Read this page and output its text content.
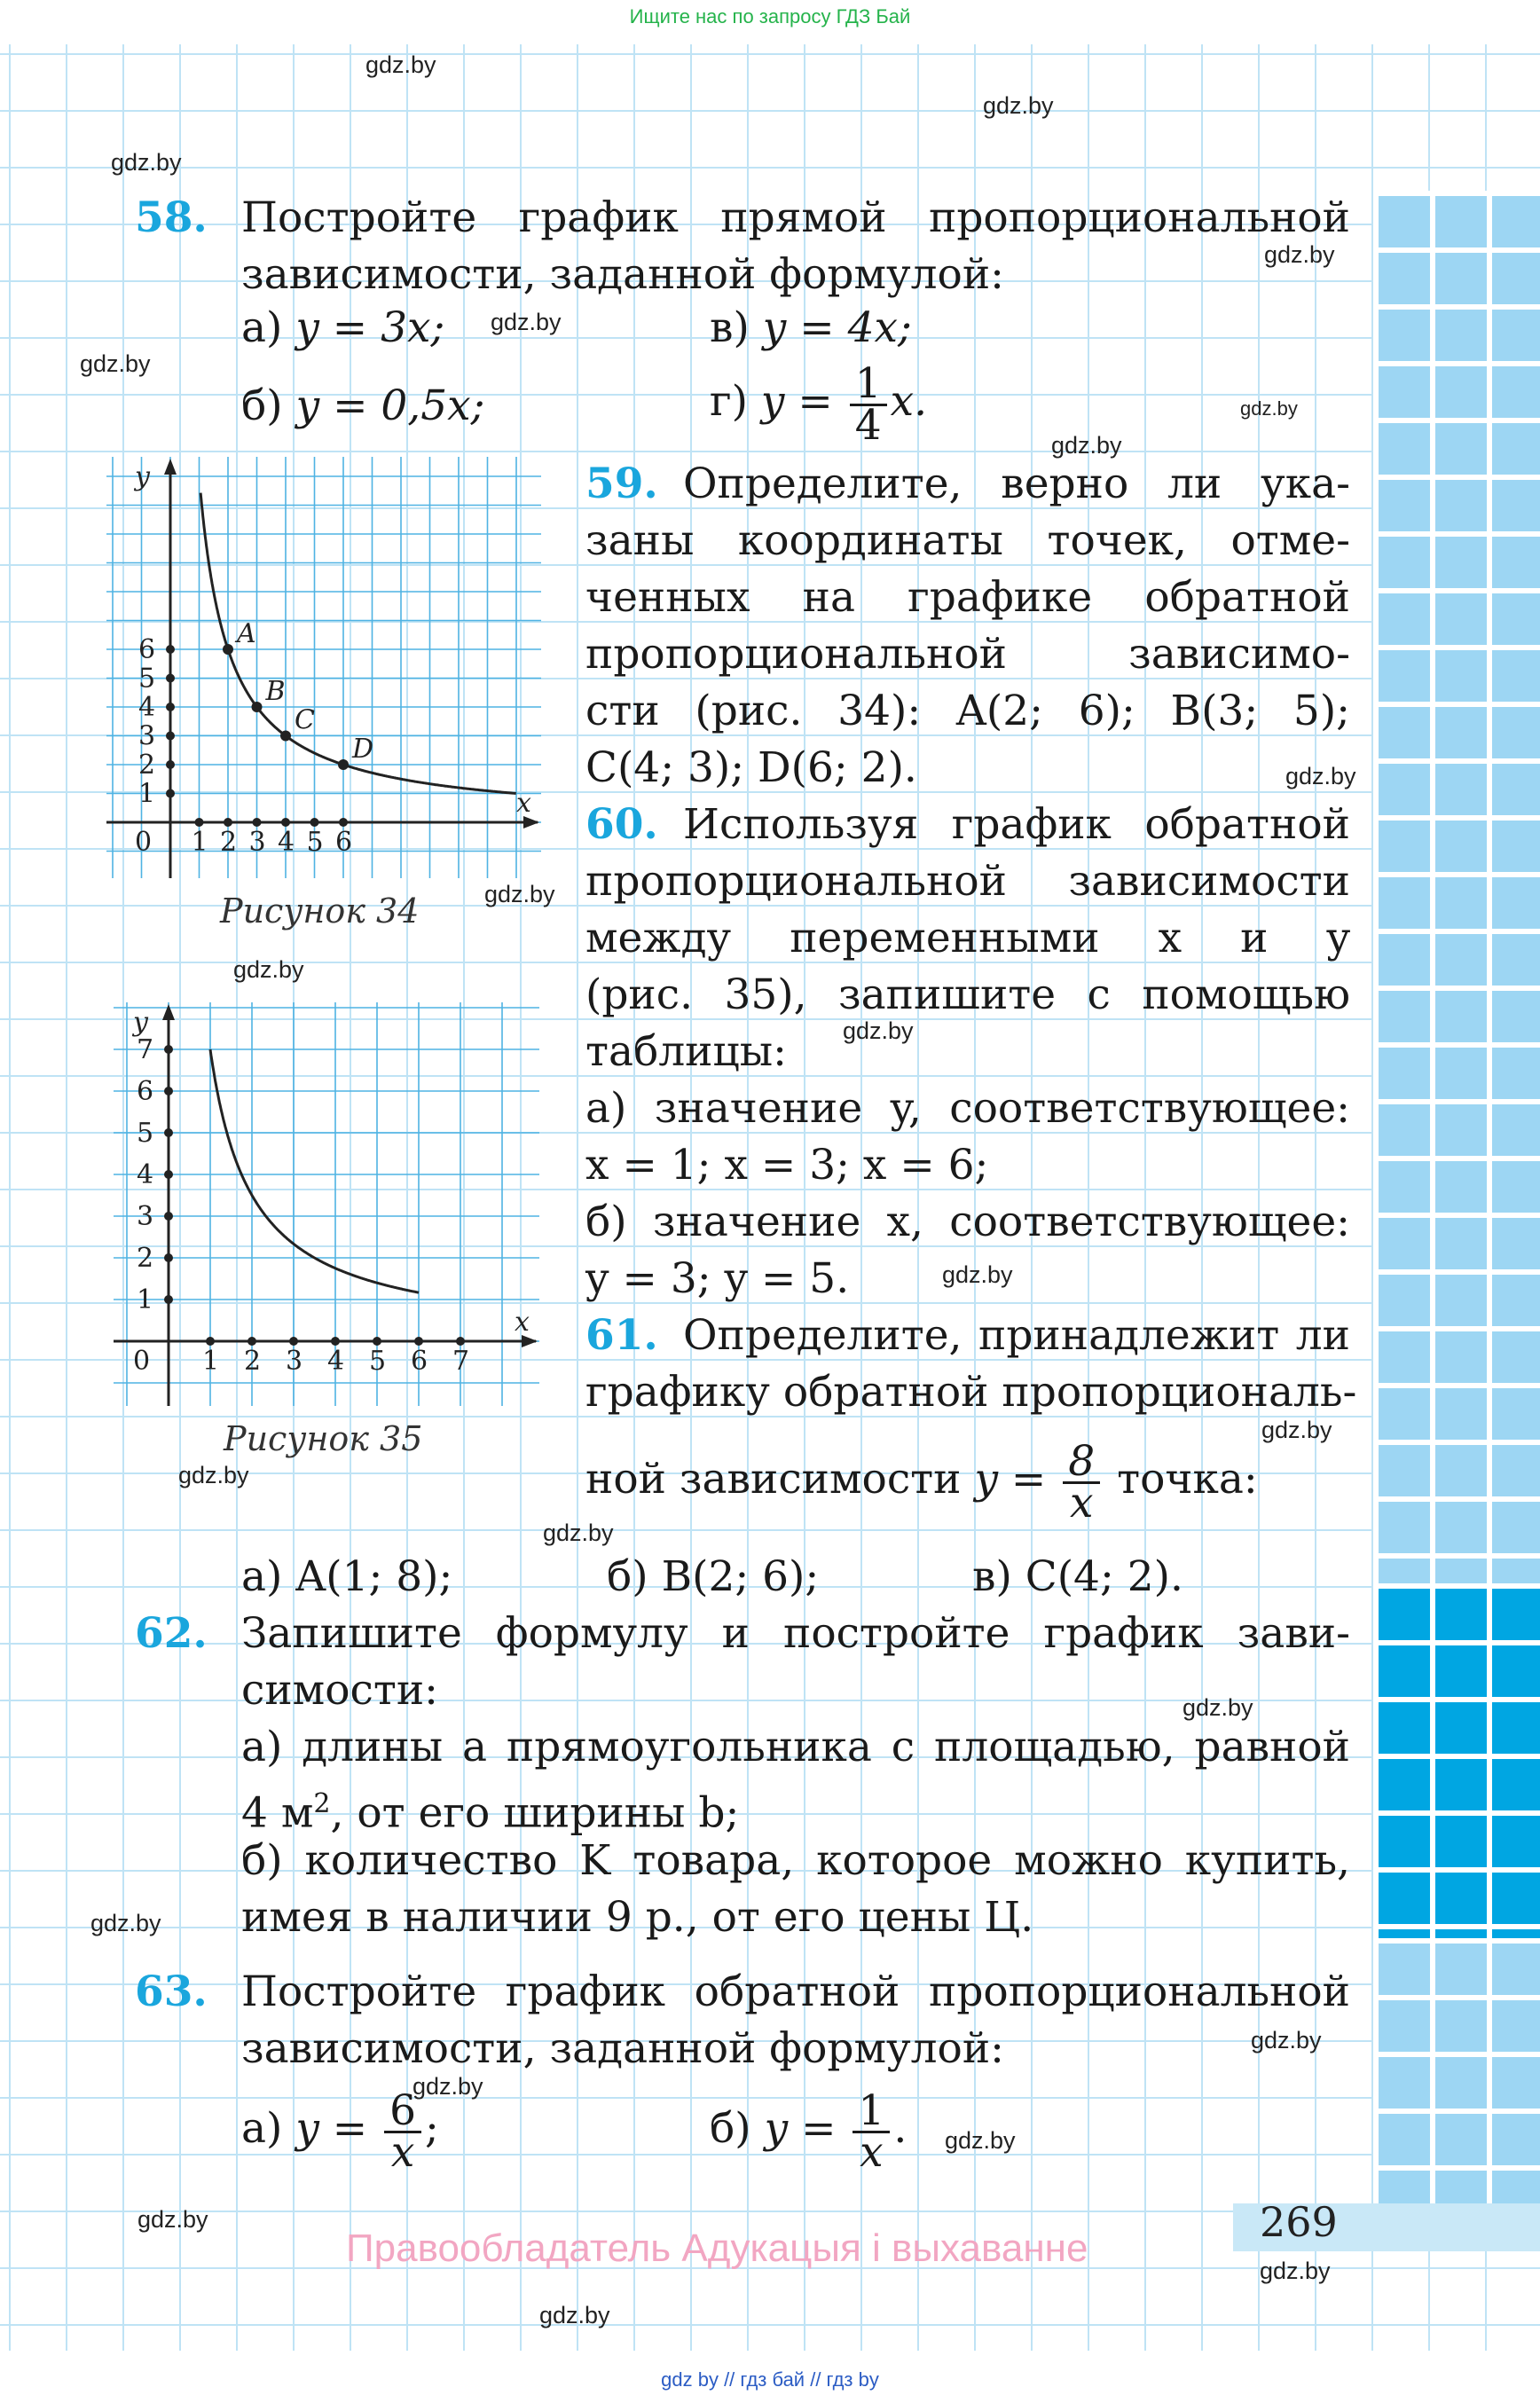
Ищите нас по запросу ГДЗ Бай
58. Постройте график прямой пропорциональной
зависимости, заданной формулой:
а) y = 3x;	в) y = 4x;
б) y = 0,5x;	г) $y = \frac{1}{4} x$.
59. Определите, верно ли ука-
заны координаты точек, отме-
ченных на графике обратной
пропорциональной зависимо-
сти (рис. 34): A(2; 6); B(3; 5);
C(4; 3); D(6; 2).
60. Используя график обратной
пропорциональной зависимости
между переменными x и y
(рис. 35), запишите с помощью
таблицы:
а) значение y, соответствующее:
x = 1; x = 3; x = 6;
б) значение x, соответствующее:
y = 3; y = 5.
61. Определите, принадлежит ли
графику обратной пропорциональ-
ной зависимости $y = \frac{8}{x}$ точка:
а) A(1; 8);	б) B(2; 6);	в) C(4; 2).
62. Запишите формулу и постройте график зави-
симости:
а) длины a прямоугольника с площадью, равной
4 $м^2$, от его ширины b;
б) количество K товара, которое можно купить,
имея в наличии 9 р., от его цены Ц.
63. Постройте график обратной пропорциональной
зависимости, заданной формулой:
а) $y = \frac{6}{x}$ ;	б) $y = \frac{1}{x}$ .
x
y
0 1 2 3 4 5 6
1
2
3
4
5
6
A
B
C
D
Рисунок 34
x
y
0 1 2 3 4 5 6 7
1
2
3
4
5
6
7
Рисунок 35
269
Правообладатель Адукацыя і выхаванне
gdz by // гдз бай // гдз by
gdz.by
gdz.by
gdz.by
gdz.by
gdz.by
gdz.by
gdz.by
gdz.by
gdz.by
gdz.by
gdz.by
gdz.by
gdz.by
gdz.by
gdz.by
gdz.by
gdz.by
gdz.by
gdz.by
gdz.by
gdz.by
gdz.by
gdz.by
gdz.by
